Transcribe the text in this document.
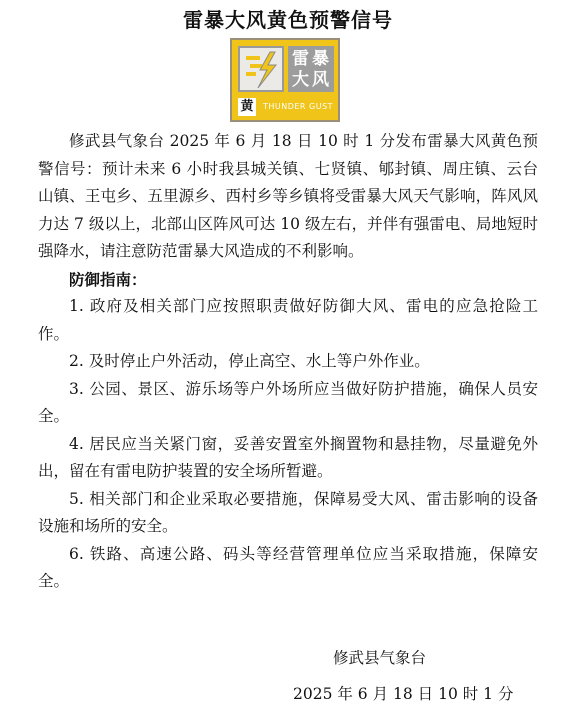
雷暴大风黄色预警信号
雷 暴
大 风
黄	THUNDER GUST

修武县气象台 2025 年 6 月 18 日 10 时 1 分发布雷暴大风黄色预警信号：预计未来 6 小时我县城关镇、七贤镇、郇封镇、周庄镇、云台山镇、王屯乡、五里源乡、西村乡等乡镇将受雷暴大风天气影响，阵风风力达 7 级以上，北部山区阵风可达 10 级左右，并伴有强雷电、局地短时强降水，请注意防范雷暴大风造成的不利影响。

防御指南：

1. 政府及相关部门应按照职责做好防御大风、雷电的应急抢险工作。

2. 及时停止户外活动，停止高空、水上等户外作业。

3. 公园、景区、游乐场等户外场所应当做好防护措施，确保人员安全。

4. 居民应当关紧门窗，妥善安置室外搁置物和悬挂物，尽量避免外出，留在有雷电防护装置的安全场所暂避。

5. 相关部门和企业采取必要措施，保障易受大风、雷击影响的设备设施和场所的安全。

6. 铁路、高速公路、码头等经营管理单位应当采取措施，保障安全。

修武县气象台
2025 年 6 月 18 日 10 时 1 分
